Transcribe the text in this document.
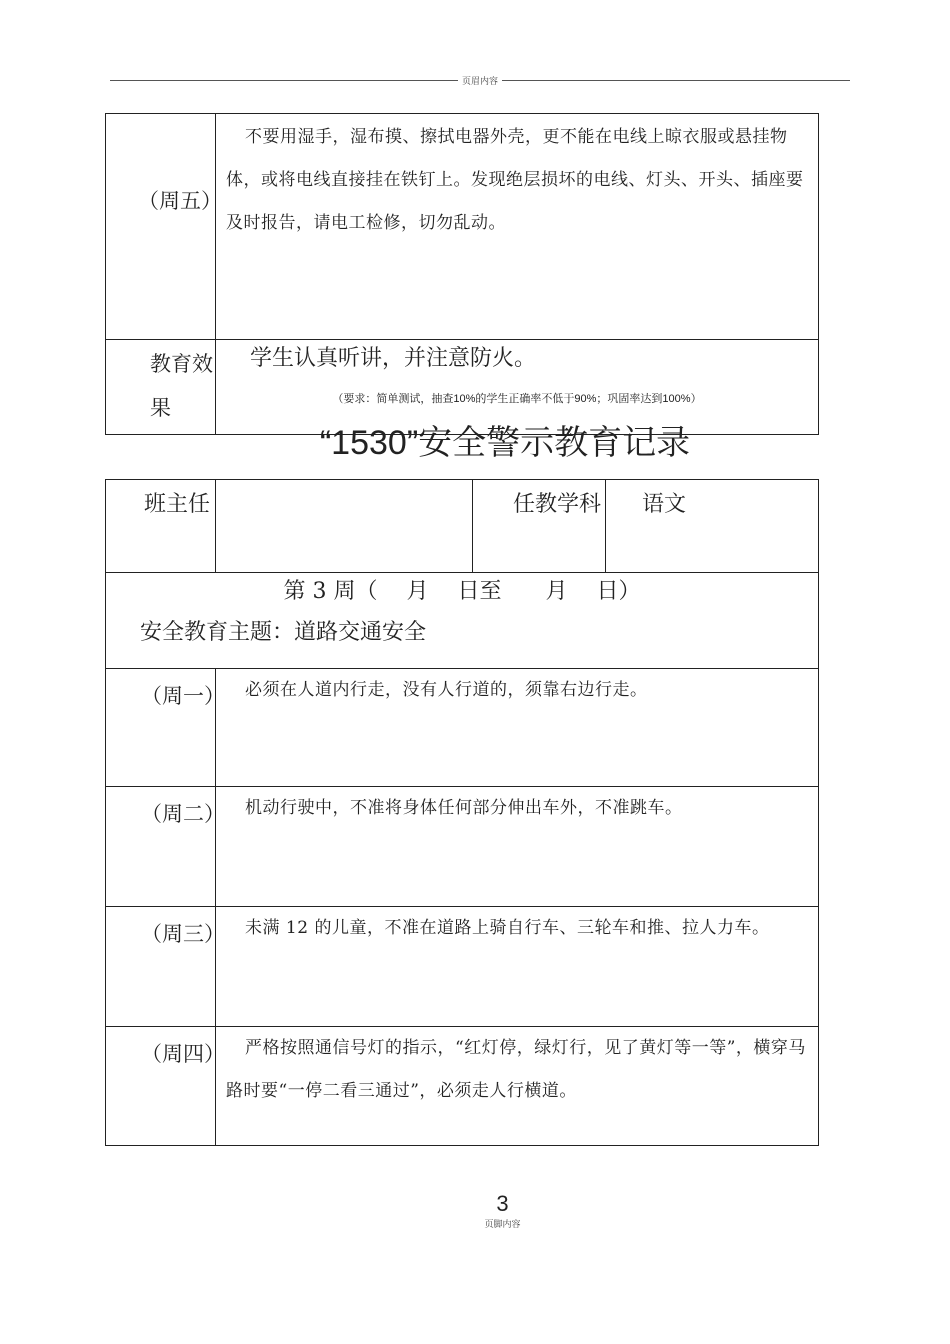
页眉内容
（周五）	不要用湿手，湿布摸、擦拭电器外壳，更不能在电线上晾衣服或悬挂物体，或将电线直接挂在铁钉上。发现绝层损坏的电线、灯头、开头、插座要及时报告，请电工检修，切勿乱动。

教育效果	学生认真听讲，并注意防火。
（要求：简单测试，抽查10%的学生正确率不低于90%；巩固率达到100%）
“1530”安全警示教育记录
班主任		任教学科	语文

第 3 周（　 月　 日至　　月　 日）
安全教育主题：道路交通安全			

（周一）	必须在人道内行走，没有人行道的，须靠右边行走。		

（周二）	机动行驶中，不准将身体任何部分伸出车外，不准跳车。		

（周三）	未满 12 的儿童，不准在道路上骑自行车、三轮车和推、拉人力车。		

（周四）	严格按照通信号灯的指示，“红灯停，绿灯行，见了黄灯等一等”，横穿马路时要“一停二看三通过”，必须走人行横道。		
3
页脚内容
